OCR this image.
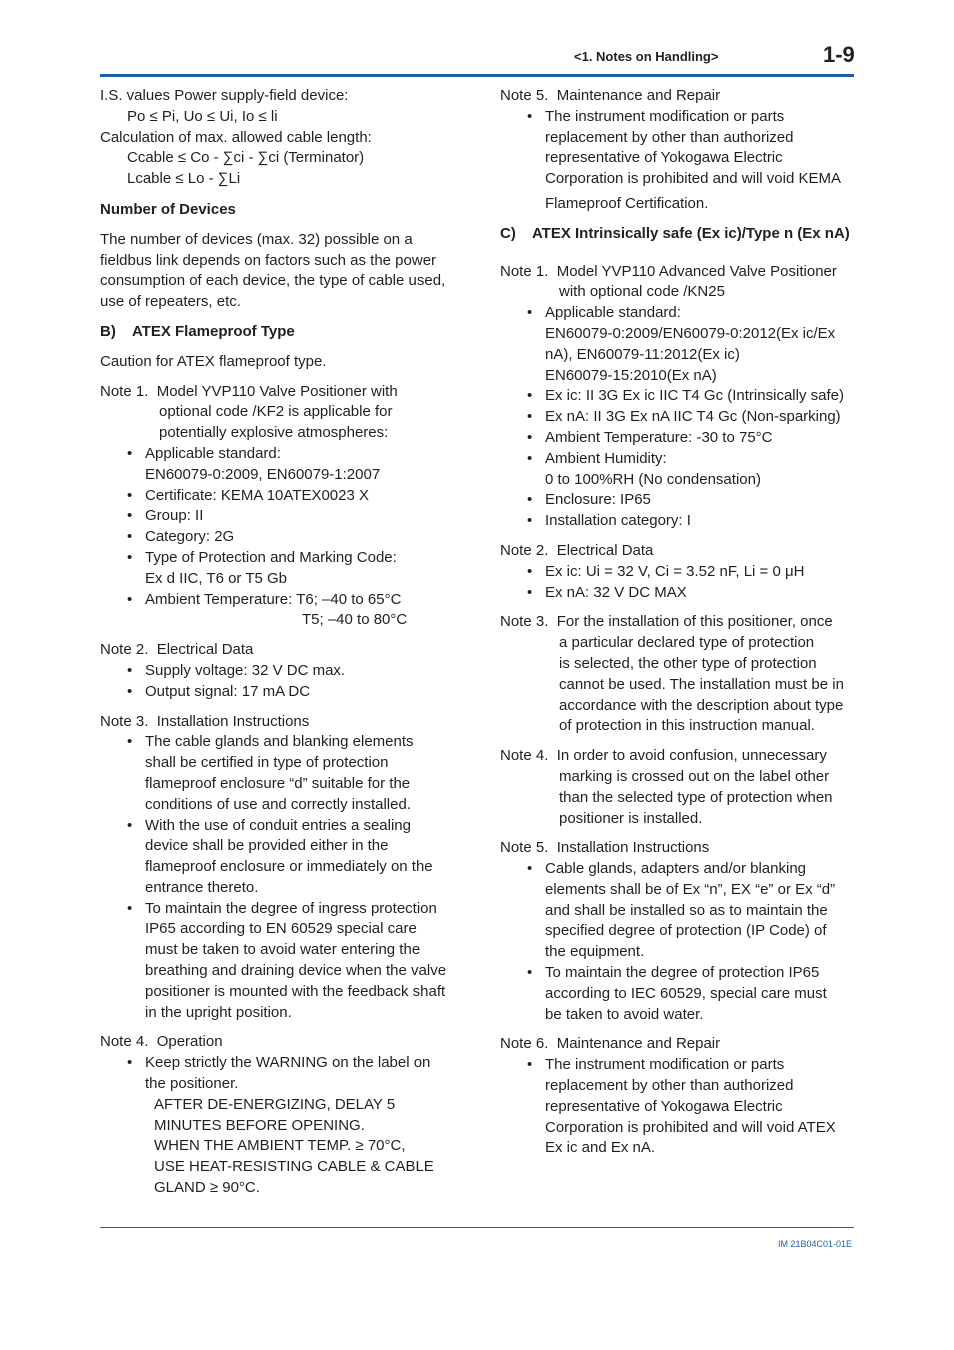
<1. Notes on Handling>	1-9
I.S. values Power supply-field device:
Po ≤ Pi, Uo ≤ Ui, Io ≤ li
Calculation of max. allowed cable length:
Ccable ≤ Co - ∑ci - ∑ci (Terminator)
Lcable ≤ Lo - ∑Li
Number of Devices
The number of devices (max. 32) possible on a
fieldbus link depends on factors such as the power
consumption of each device, the type of cable used,
use of repeaters, etc.
B)    ATEX Flameproof Type
Caution for ATEX flameproof type.
Note 1.  Model YVP110 Valve Positioner with
optional code /KF2 is applicable for
potentially explosive atmospheres:
• Applicable standard:
EN60079-0:2009, EN60079-1:2007
• Certificate: KEMA 10ATEX0023 X
• Group: II
• Category: 2G
• Type of Protection and Marking Code:
Ex d IIC, T6 or T5 Gb
• Ambient Temperature: T6; –40 to 65°C
T5; –40 to 80°C
Note 2.  Electrical Data
• Supply voltage: 32 V DC max.
• Output signal: 17 mA DC
Note 3.  Installation Instructions
• The cable glands and blanking elements
shall be certified in type of protection
flameproof enclosure “d” suitable for the
conditions of use and correctly installed.
• With the use of conduit entries a sealing
device shall be provided either in the
flameproof enclosure or immediately on the
entrance thereto.
• To maintain the degree of ingress protection
IP65 according to EN 60529 special care
must be taken to avoid water entering the
breathing and draining device when the valve
positioner is mounted with the feedback shaft
in the upright position.
Note 4.  Operation
• Keep strictly the WARNING on the label on
the positioner.
AFTER DE-ENERGIZING, DELAY 5
MINUTES BEFORE OPENING.
WHEN THE AMBIENT TEMP. ≥ 70°C,
USE HEAT-RESISTING CABLE & CABLE
GLAND ≥ 90°C.
Note 5.  Maintenance and Repair
• The instrument modification or parts
replacement by other than authorized
representative of Yokogawa Electric
Corporation is prohibited and will void KEMA
Flameproof Certification.
C)    ATEX Intrinsically safe (Ex ic)/Type n (Ex nA)
Note 1.  Model YVP110 Advanced Valve Positioner
with optional code /KN25
• Applicable standard:
EN60079-0:2009/EN60079-0:2012(Ex ic/Ex
nA), EN60079-11:2012(Ex ic)
EN60079-15:2010(Ex nA)
• Ex ic: II 3G Ex ic IIC T4 Gc (Intrinsically safe)
• Ex nA: II 3G Ex nA IIC T4 Gc (Non-sparking)
• Ambient Temperature: -30 to 75°C
• Ambient Humidity:
0 to 100%RH (No condensation)
• Enclosure: IP65
• Installation category: I
Note 2.  Electrical Data
• Ex ic: Ui = 32 V, Ci = 3.52 nF, Li = 0 μH
• Ex nA: 32 V DC MAX
Note 3.  For the installation of this positioner, once
a particular declared type of protection
is selected, the other type of protection
cannot be used. The installation must be in
accordance with the description about type
of protection in this instruction manual.
Note 4.  In order to avoid confusion, unnecessary
marking is crossed out on the label other
than the selected type of protection when
positioner is installed.
Note 5.  Installation Instructions
• Cable glands, adapters and/or blanking
elements shall be of Ex “n”, EX “e” or Ex “d”
and shall be installed so as to maintain the
specified degree of protection (IP Code) of
the equipment.
• To maintain the degree of protection IP65
according to IEC 60529, special care must
be taken to avoid water.
Note 6.  Maintenance and Repair
• The instrument modification or parts
replacement by other than authorized
representative of Yokogawa Electric
Corporation is prohibited and will void ATEX
Ex ic and Ex nA.
IM 21B04C01-01E
